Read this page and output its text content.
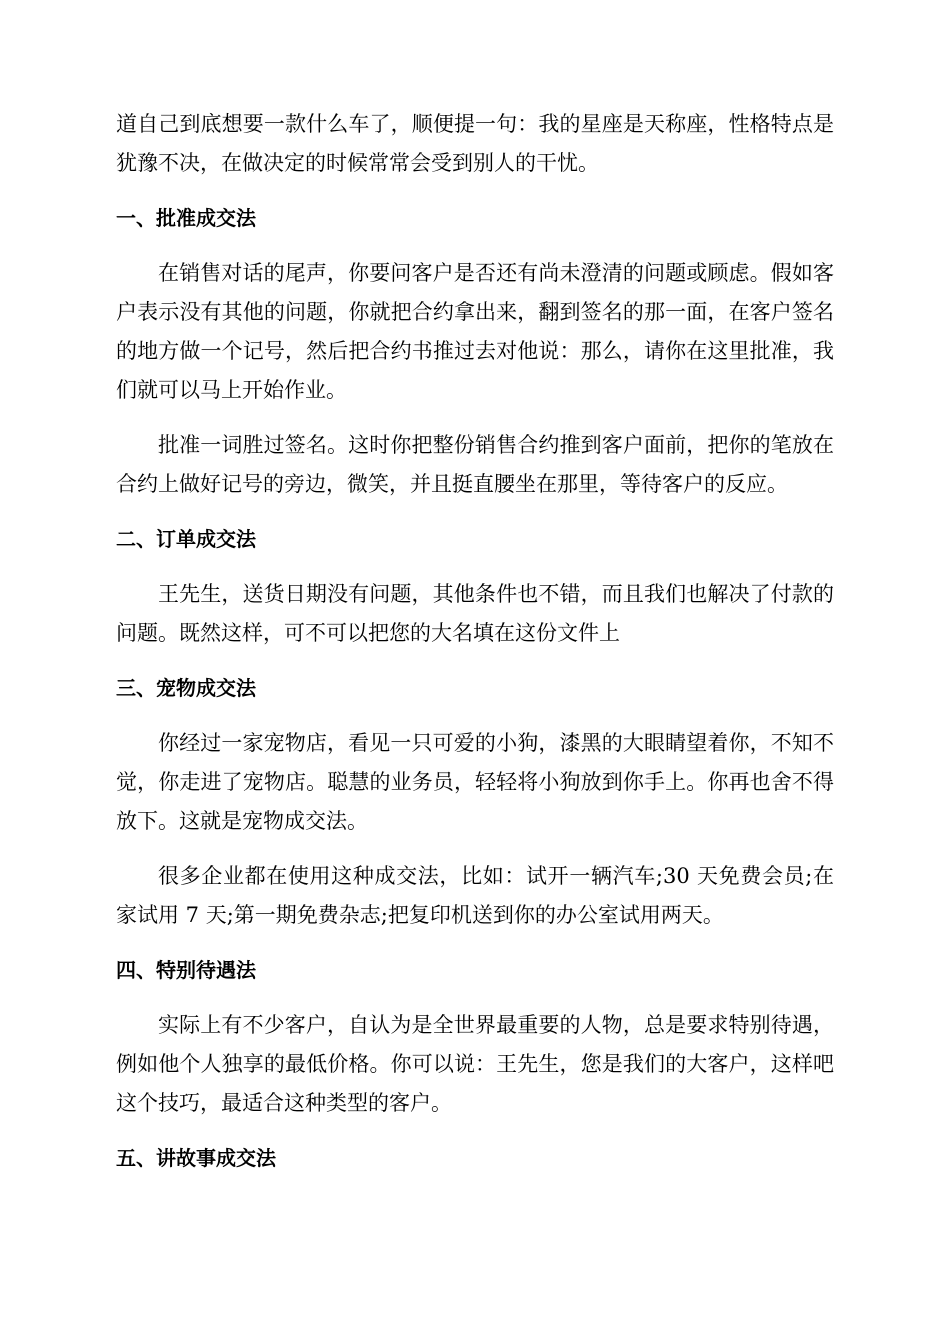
道自己到底想要一款什么车了，顺便提一句：我的星座是天称座，性格特点是犹豫不决，在做决定的时候常常会受到别人的干忧。

一、批准成交法

在销售对话的尾声，你要问客户是否还有尚未澄清的问题或顾虑。假如客户表示没有其他的问题，你就把合约拿出来，翻到签名的那一面，在客户签名的地方做一个记号，然后把合约书推过去对他说：那么，请你在这里批准，我们就可以马上开始作业。

批准一词胜过签名。这时你把整份销售合约推到客户面前，把你的笔放在合约上做好记号的旁边，微笑，并且挺直腰坐在那里，等待客户的反应。

二、订单成交法

王先生，送货日期没有问题，其他条件也不错，而且我们也解决了付款的问题。既然这样，可不可以把您的大名填在这份文件上

三、宠物成交法

你经过一家宠物店，看见一只可爱的小狗，漆黑的大眼睛望着你，不知不觉，你走进了宠物店。聪慧的业务员，轻轻将小狗放到你手上。你再也舍不得放下。这就是宠物成交法。

很多企业都在使用这种成交法，比如：试开一辆汽车;30 天免费会员;在家试用 7 天;第一期免费杂志;把复印机送到你的办公室试用两天。

四、特别待遇法

实际上有不少客户，自认为是全世界最重要的人物，总是要求特别待遇，例如他个人独享的最低价格。你可以说：王先生，您是我们的大客户，这样吧这个技巧，最适合这种类型的客户。

五、讲故事成交法
